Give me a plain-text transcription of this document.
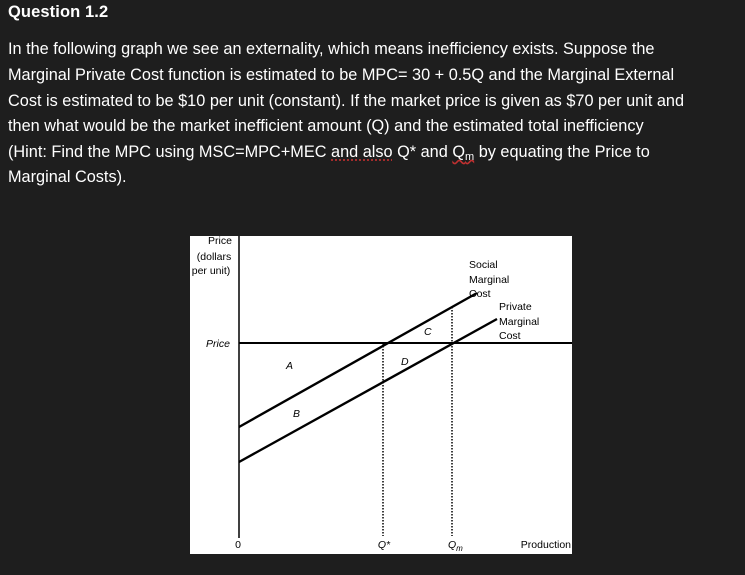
Question 1.2
In the following graph we see an externality, which means inefficiency exists. Suppose the
Marginal Private Cost function is estimated to be MPC= 30 + 0.5Q and the Marginal External
Cost is estimated to be $10 per unit (constant). If the market price is given as $70 per unit and
then what would be the market inefficient amount (Q) and the estimated total inefficiency
(Hint: Find the MPC using MSC=MPC+MEC and also Q* and $Q_m$ by equating the Price to
Marginal Costs).
Price
(dollars
per unit)
Price
A
B
C
D
Social
Marginal
Cost
Private
Marginal
Cost
0	Q*	$Q_m$	Production
